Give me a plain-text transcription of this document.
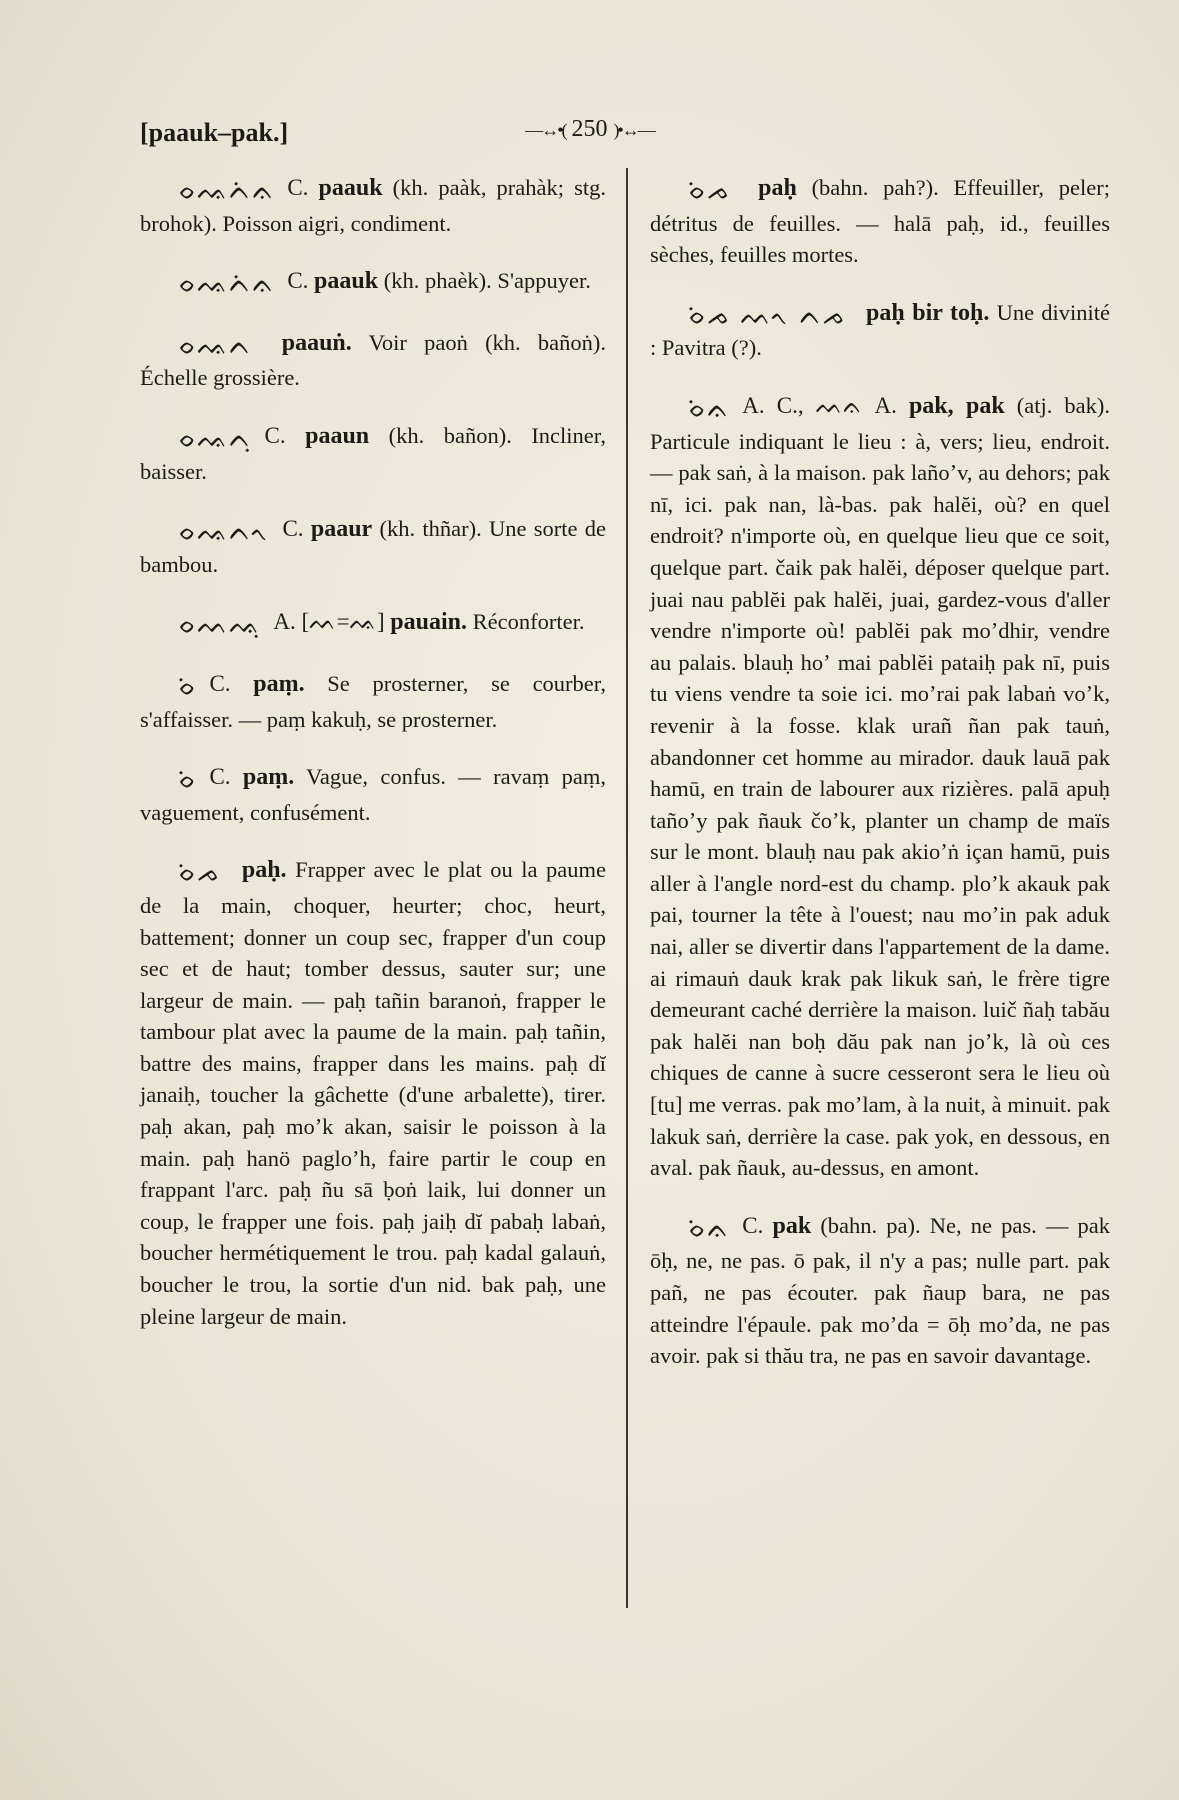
[paauk–pak.]	—↔•( 250 )•↔—

ᨔᨕᨈᨗᨊ C. paauk (kh. paàk, prahàk; stg. brohok). Poisson aigri, condiment.

ᨔᨕᨈᨗᨊ C. paauk (kh. phaèk). S'appuyer.

ᨔᨕᨈ paauṅ. Voir paoṅ (kh. bañoṅ). Échelle grossière.

ᨔᨕᨈᨘ C. paaun (kh. bañon). Incliner, baisser.

ᨔᨕᨈᨚ C. paaur (kh. thñar). Une sorte de bambou.

ᨔᨓᨕᨘ A. [ᨓ=ᨕ] pauain. Réconforter.

ᨔᨗ C. paṃ. Se prosterner, se courber, s'affaisser. — paṃ kakuḥ, se prosterner.

ᨔᨗ C. paṃ. Vague, confus. — ravaṃ paṃ, vaguement, confusément.

ᨔᨗᨍ paḥ. Frapper avec le plat ou la paume de la main, choquer, heurter; choc, heurt, battement; donner un coup sec, frapper d'un coup sec et de haut; tomber dessus, sauter sur; une largeur de main. — paḥ tañin baranoṅ, frapper le tambour plat avec la paume de la main. paḥ tañin, battre des mains, frapper dans les mains. paḥ dĭ janaiḥ, toucher la gâchette (d'une arbalette), tirer. paḥ akan, paḥ moʼk akan, saisir le poisson à la main. paḥ hanö pagloʼh, faire partir le coup en frappant l'arc. paḥ ñu sā ḅoṅ laik, lui donner un coup, le frapper une fois. paḥ jaiḥ dĭ pabaḥ labaṅ, boucher hermétiquement le trou. paḥ kadal galauṅ, boucher le trou, la sortie d'un nid. bak paḥ, une pleine largeur de main.

ᨔᨗᨍ paḥ (bahn. pah?). Effeuiller, peler; détritus de feuilles. — halā paḥ, id., feuilles sèches, feuilles mortes.

ᨔᨗᨍ ᨓᨚ ᨈᨍ paḥ bir toḥ. Une divinité : Pavitra (?).

ᨔᨗᨊ A. C., ᨓᨊ A. pak, pak (atj. bak). Particule indiquant le lieu : à, vers; lieu, endroit. — pak saṅ, à la maison. pak lañoʼv, au dehors; pak nī, ici. pak nan, là-bas. pak halĕi, où? en quel endroit? n'importe où, en quelque lieu que ce soit, quelque part. čaik pak halĕi, déposer quelque part. juai nau pablĕi pak halĕi, juai, gardez-vous d'aller vendre n'importe où! pablĕi pak moʼdhir, vendre au palais. blauḥ hoʼ mai pablĕi pataiḥ pak nī, puis tu viens vendre ta soie ici. moʼrai pak labaṅ voʼk, revenir à la fosse. klak urañ ñan pak tauṅ, abandonner cet homme au mirador. dauk lauā pak hamū, en train de labourer aux rizières. palā apuḥ tañoʼy pak ñauk čoʼk, planter un champ de maïs sur le mont. blauḥ nau pak akioʼṅ içan hamū, puis aller à l'angle nord-est du champ. ploʼk akauk pak pai, tourner la tête à l'ouest; nau moʼin pak aduk nai, aller se divertir dans l'appartement de la dame. ai rimauṅ dauk krak pak likuk saṅ, le frère tigre demeurant caché derrière la maison. luič ñaḥ tabău pak halĕi nan boḥ dău pak nan joʼk, là où ces chiques de canne à sucre cesseront sera le lieu où [tu] me verras. pak moʼlam, à la nuit, à minuit. pak lakuk saṅ, derrière la case. pak yok, en dessous, en aval. pak ñauk, au-dessus, en amont.

ᨔᨗᨊ C. pak (bahn. pa). Ne, ne pas. — pak ōḥ, ne, ne pas. ō pak, il n'y a pas; nulle part. pak pañ, ne pas écouter. pak ñaup bara, ne pas atteindre l'épaule. pak moʼda = ōḥ moʼda, ne pas avoir. pak si thău tra, ne pas en savoir davantage.
